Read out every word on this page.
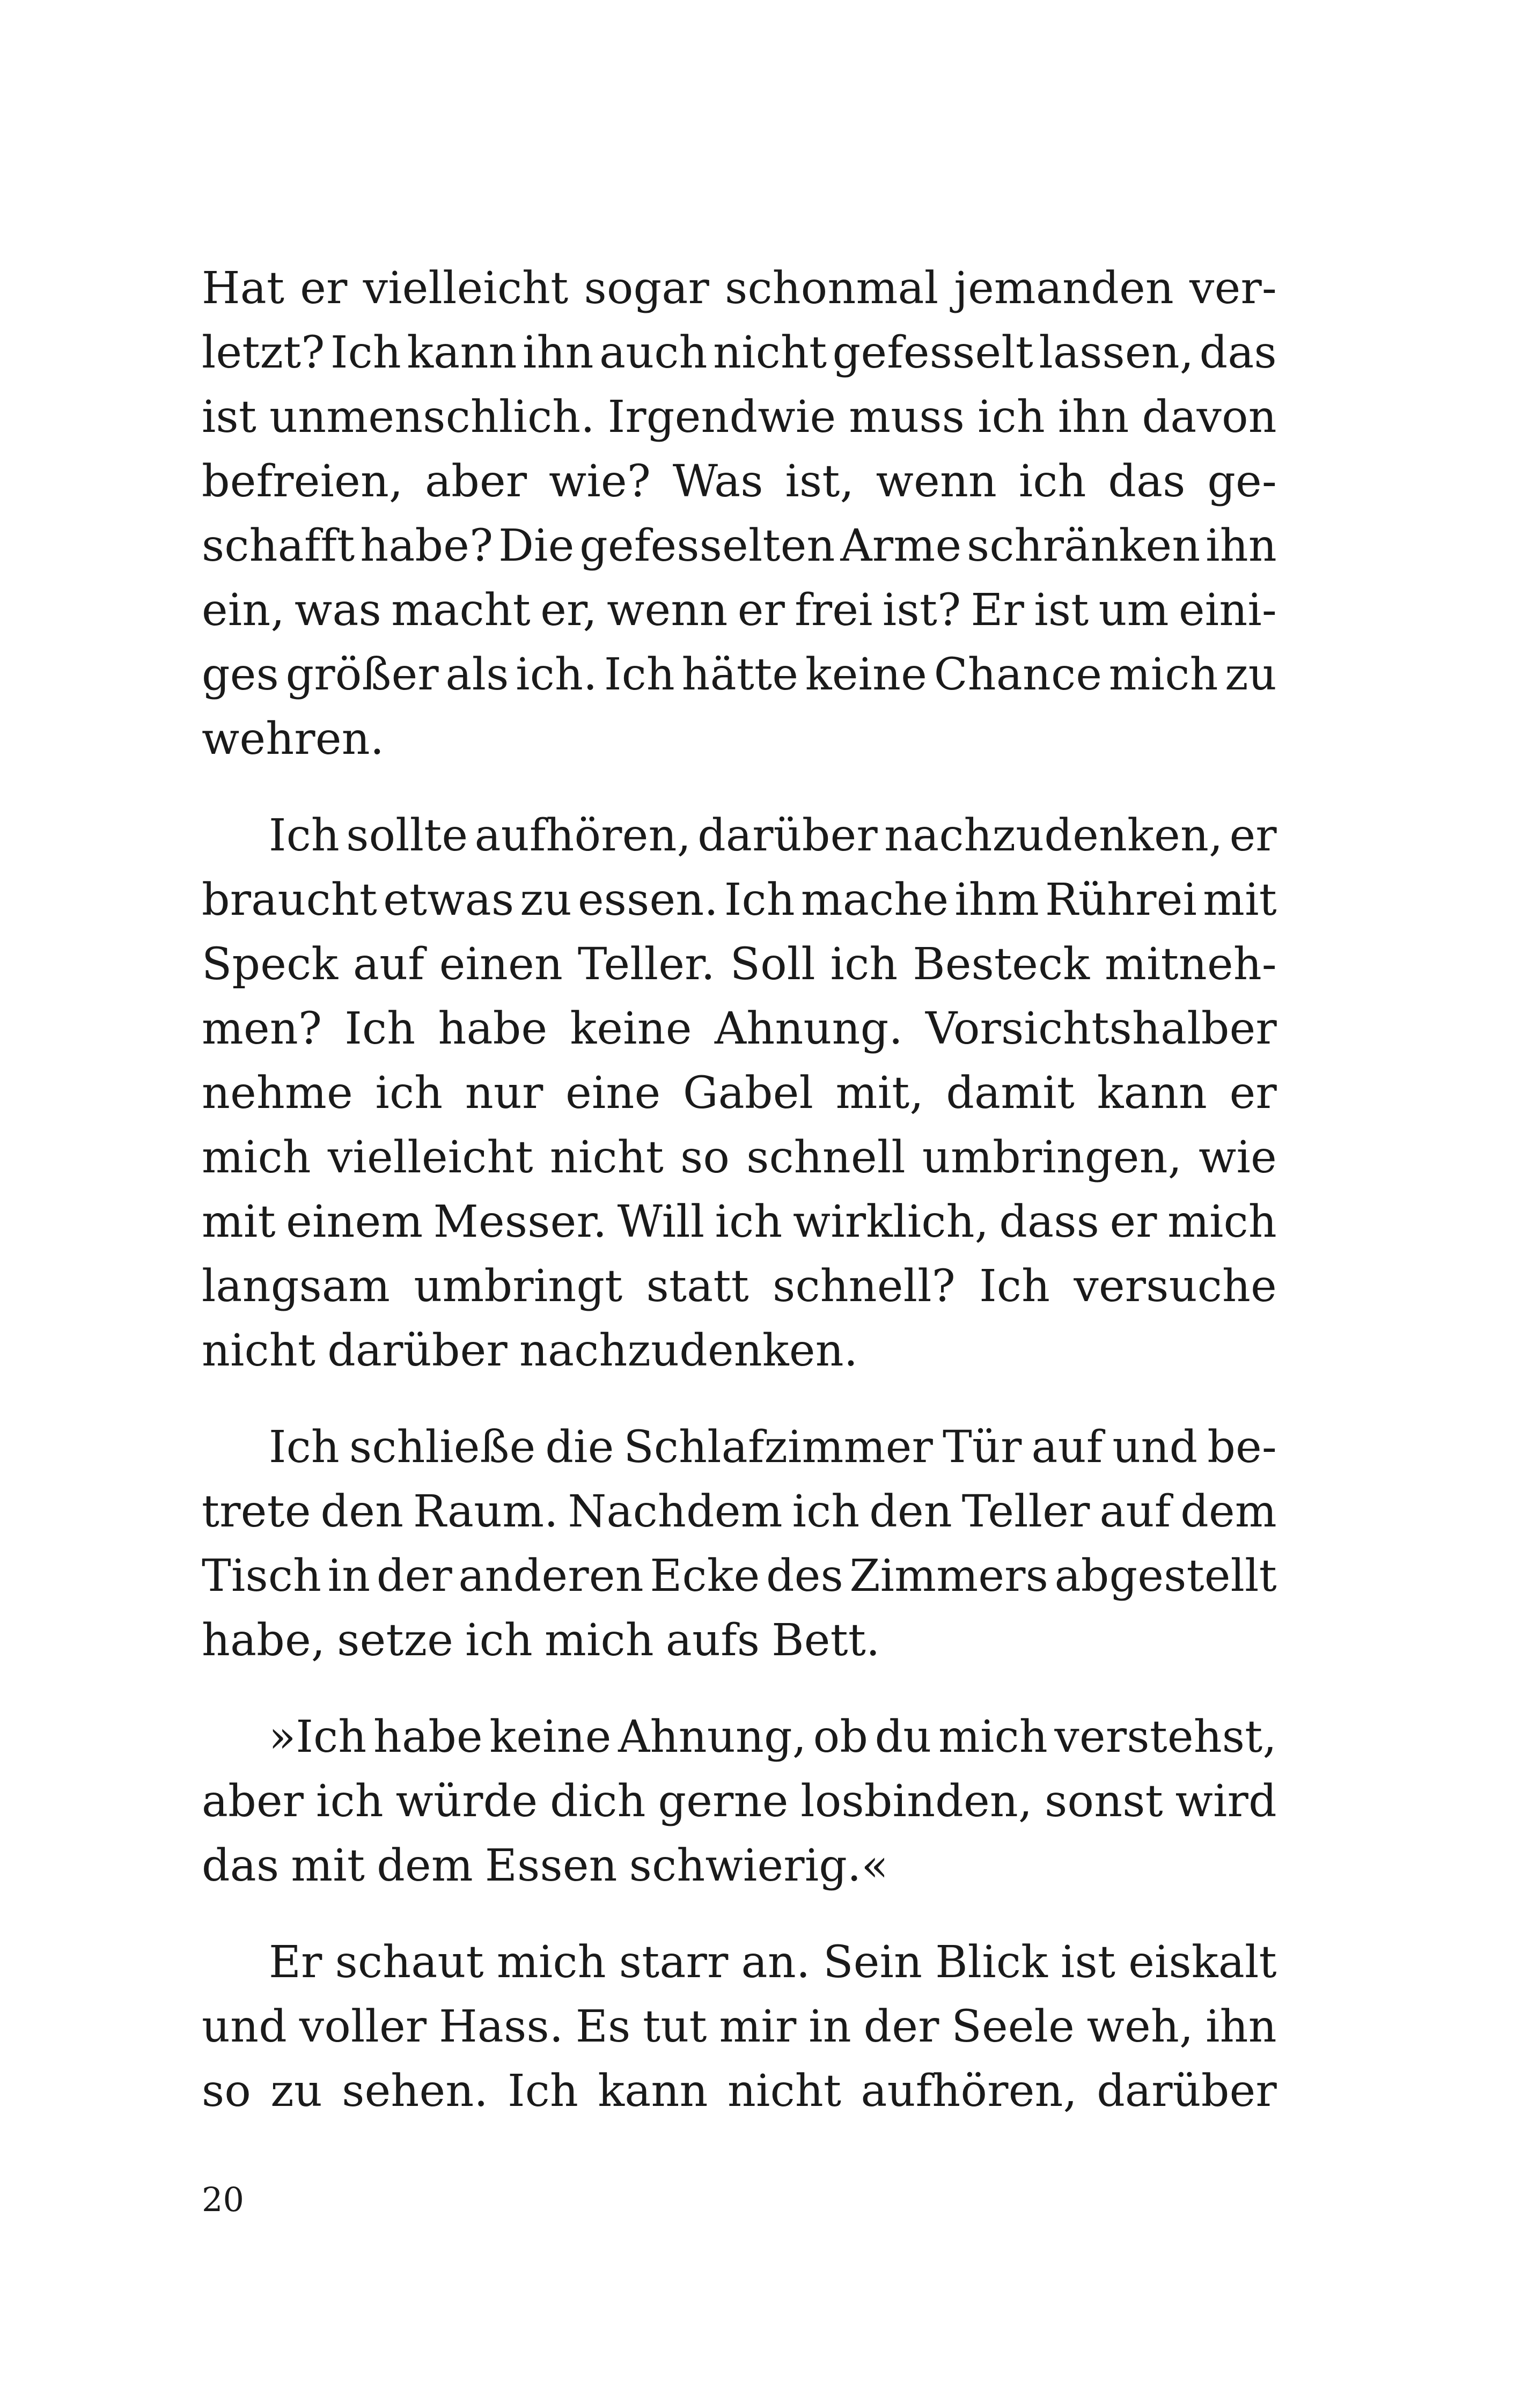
Hat er vielleicht sogar schonmal jemanden ver-
letzt? Ich kann ihn auch nicht gefesselt lassen, das
ist unmenschlich. Irgendwie muss ich ihn davon
befreien, aber wie? Was ist, wenn ich das ge-
schafft habe? Die gefesselten Arme schränken ihn
ein, was macht er, wenn er frei ist? Er ist um eini-
ges größer als ich. Ich hätte keine Chance mich zu
wehren.
Ich sollte aufhören, darüber nachzudenken, er
braucht etwas zu essen. Ich mache ihm Rührei mit
Speck auf einen Teller. Soll ich Besteck mitneh-
men? Ich habe keine Ahnung. Vorsichtshalber
nehme ich nur eine Gabel mit, damit kann er
mich vielleicht nicht so schnell umbringen, wie
mit einem Messer. Will ich wirklich, dass er mich
langsam umbringt statt schnell? Ich versuche
nicht darüber nachzudenken.
Ich schließe die Schlafzimmer Tür auf und be-
trete den Raum. Nachdem ich den Teller auf dem
Tisch in der anderen Ecke des Zimmers abgestellt
habe, setze ich mich aufs Bett.
»Ich habe keine Ahnung, ob du mich verstehst,
aber ich würde dich gerne losbinden, sonst wird
das mit dem Essen schwierig.«
Er schaut mich starr an. Sein Blick ist eiskalt
und voller Hass. Es tut mir in der Seele weh, ihn
so zu sehen. Ich kann nicht aufhören, darüber
20
